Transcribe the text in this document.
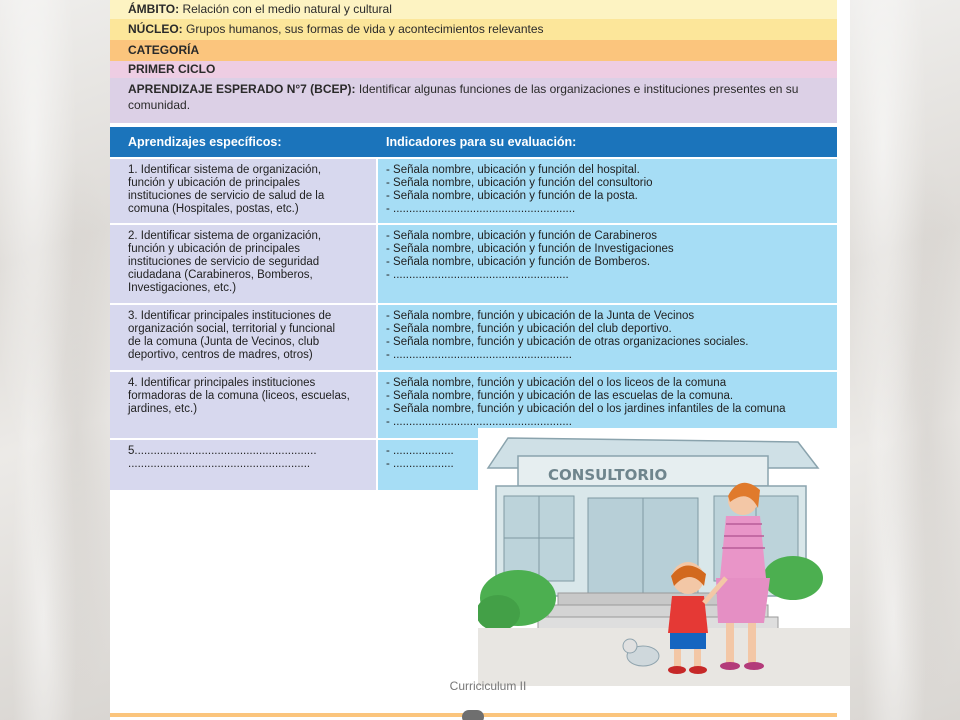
ÁMBITO: Relación con el medio natural y cultural
NÚCLEO: Grupos humanos, sus formas de vida y acontecimientos relevantes
CATEGORÍA
PRIMER CICLO
APRENDIZAJE ESPERADO N°7 (BCEP): Identificar algunas funciones de las organizaciones e instituciones presentes en su comunidad.
Aprendizajes específicos:	Indicadores para su evaluación:
1. Identificar sistema de organización,
función y ubicación de principales
instituciones de servicio de salud de la
comuna (Hospitales, postas, etc.)
- Señala nombre, ubicación y función del hospital.
- Señala nombre, ubicación y función del consultorio
- Señala nombre, ubicación y función de la posta.
- .........................................................
2. Identificar sistema de organización,
función y ubicación de principales
instituciones de servicio de seguridad
ciudadana (Carabineros, Bomberos,
Investigaciones, etc.)
- Señala nombre, ubicación y función de Carabineros
- Señala nombre, ubicación y función de Investigaciones
- Señala nombre, ubicación y función de Bomberos.
- .......................................................
3. Identificar principales instituciones de
organización social, territorial y funcional
de la comuna (Junta de Vecinos, club
deportivo, centros de madres, otros)
- Señala nombre, función y ubicación de la Junta de Vecinos
- Señala nombre, función y ubicación del club deportivo.
- Señala nombre, función y ubicación de otras organizaciones sociales.
- ........................................................
4. Identificar principales instituciones
formadoras de la comuna (liceos, escuelas,
jardines, etc.)
- Señala nombre, función y ubicación del o los liceos de la comuna
- Señala nombre, función y ubicación de las escuelas de la comuna.
- Señala nombre, función y ubicación del o los jardines infantiles de la comuna
- ........................................................
5.........................................................
.........................................................
- ...................
- ...................
CONSULTORIO
Curriciculum II
